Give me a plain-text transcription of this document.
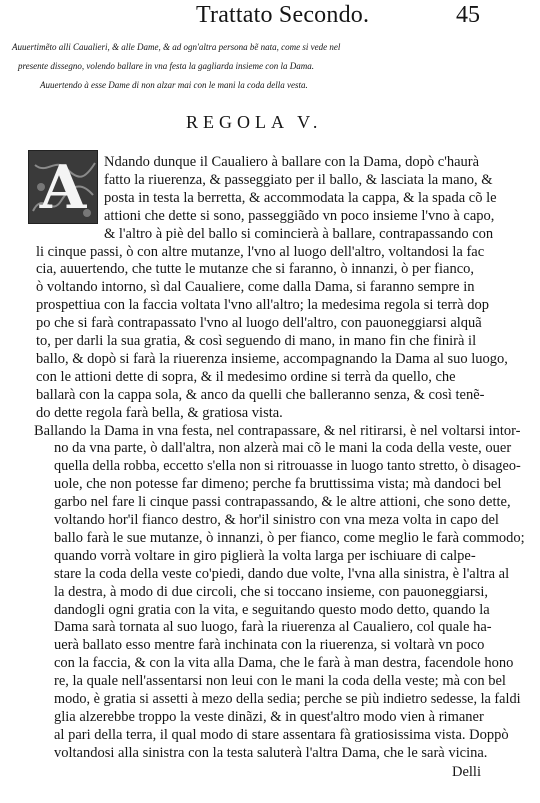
Trattato Secondo.	45
Auuertimẽto alli Caualieri, & alle Dame, & ad ogn'altra persona bẽ nata, come si vede nel
presente dissegno, volendo ballare in vna festa la gagliarda insieme con la Dama.
Auuertendo à esse Dame di non alzar mai con le mani la coda della vesta.
REGOLA V.
A	Ndando dunque il Caualiero à ballare con la Dama, dopò c'haurà
fatto la riuerenza, & passeggiato per il ballo, & lasciata la mano, &
posta in testa la berretta, & accommodata la cappa, & la spada cõ le
attioni che dette si sono, passeggiãdo vn poco insieme l'vno à capo,
& l'altro à piè del ballo si comincierà à ballare, contrapassando con
li cinque passi, ò con altre mutanze, l'vno al luogo dell'altro, voltandosi la fac
cia, auuertendo, che tutte le mutanze che si faranno, ò innanzi, ò per fianco,
ò voltando intorno, sì dal Caualiere, come dalla Dama, si faranno sempre in
prospettiua con la faccia voltata l'vno all'altro; la medesima regola si terrà dop
po che si farà contrapassato l'vno al luogo dell'altro, con pauoneggiarsi alquã
to, per darli la sua gratia, & così seguendo di mano, in mano fin che finirà il
ballo, & dopò si farà la riuerenza insieme, accompagnando la Dama al suo luogo,
con le attioni dette di sopra, & il medesimo ordine si terrà da quello, che
ballarà con la cappa sola, & anco da quelli che balleranno senza, & così tenẽ-
do dette regola farà bella, & gratiosa vista.
Ballando la Dama in vna festa, nel contrapassare, & nel ritirarsi, è nel voltarsi intor-
no da vna parte, ò dall'altra, non alzerà mai cõ le mani la coda della veste, ouer
quella della robba, eccetto s'ella non si ritrouasse in luogo tanto stretto, ò disageo-
uole, che non potesse far dimeno; perche fa bruttissima vista; mà dandoci bel
garbo nel fare li cinque passi contrapassando, & le altre attioni, che sono dette,
voltando hor'il fianco destro, & hor'il sinistro con vna meza volta in capo del
ballo farà le sue mutanze, ò innanzi, ò per fianco, come meglio le farà commodo;
quando vorrà voltare in giro piglierà la volta larga per ischiuare di calpe-
stare la coda della veste co'piedi, dando due volte, l'vna alla sinistra, è l'altra al
la destra, à modo di due circoli, che si toccano insieme, con pauoneggiarsi,
dandogli ogni gratia con la vita, e seguitando questo modo detto, quando la
Dama sarà tornata al suo luogo, farà la riuerenza al Caualiero, col quale ha-
uerà ballato esso mentre farà inchinata con la riuerenza, si voltarà vn poco
con la faccia, & con la vita alla Dama, che le farà à man destra, facendole hono
re, la quale nell'assentarsi non leui con le mani la coda della veste; mà con bel
modo, è gratia si assetti à mezo della sedia; perche se più indietro sedesse, la faldi
glia alzerebbe troppo la veste dinãzi, & in quest'altro modo vien à rimaner
al pari della terra, il qual modo di stare assentara fà gratiosissima vista. Doppò
voltandosi alla sinistra con la testa saluterà l'altra Dama, che le sarà vicina.
Delli
